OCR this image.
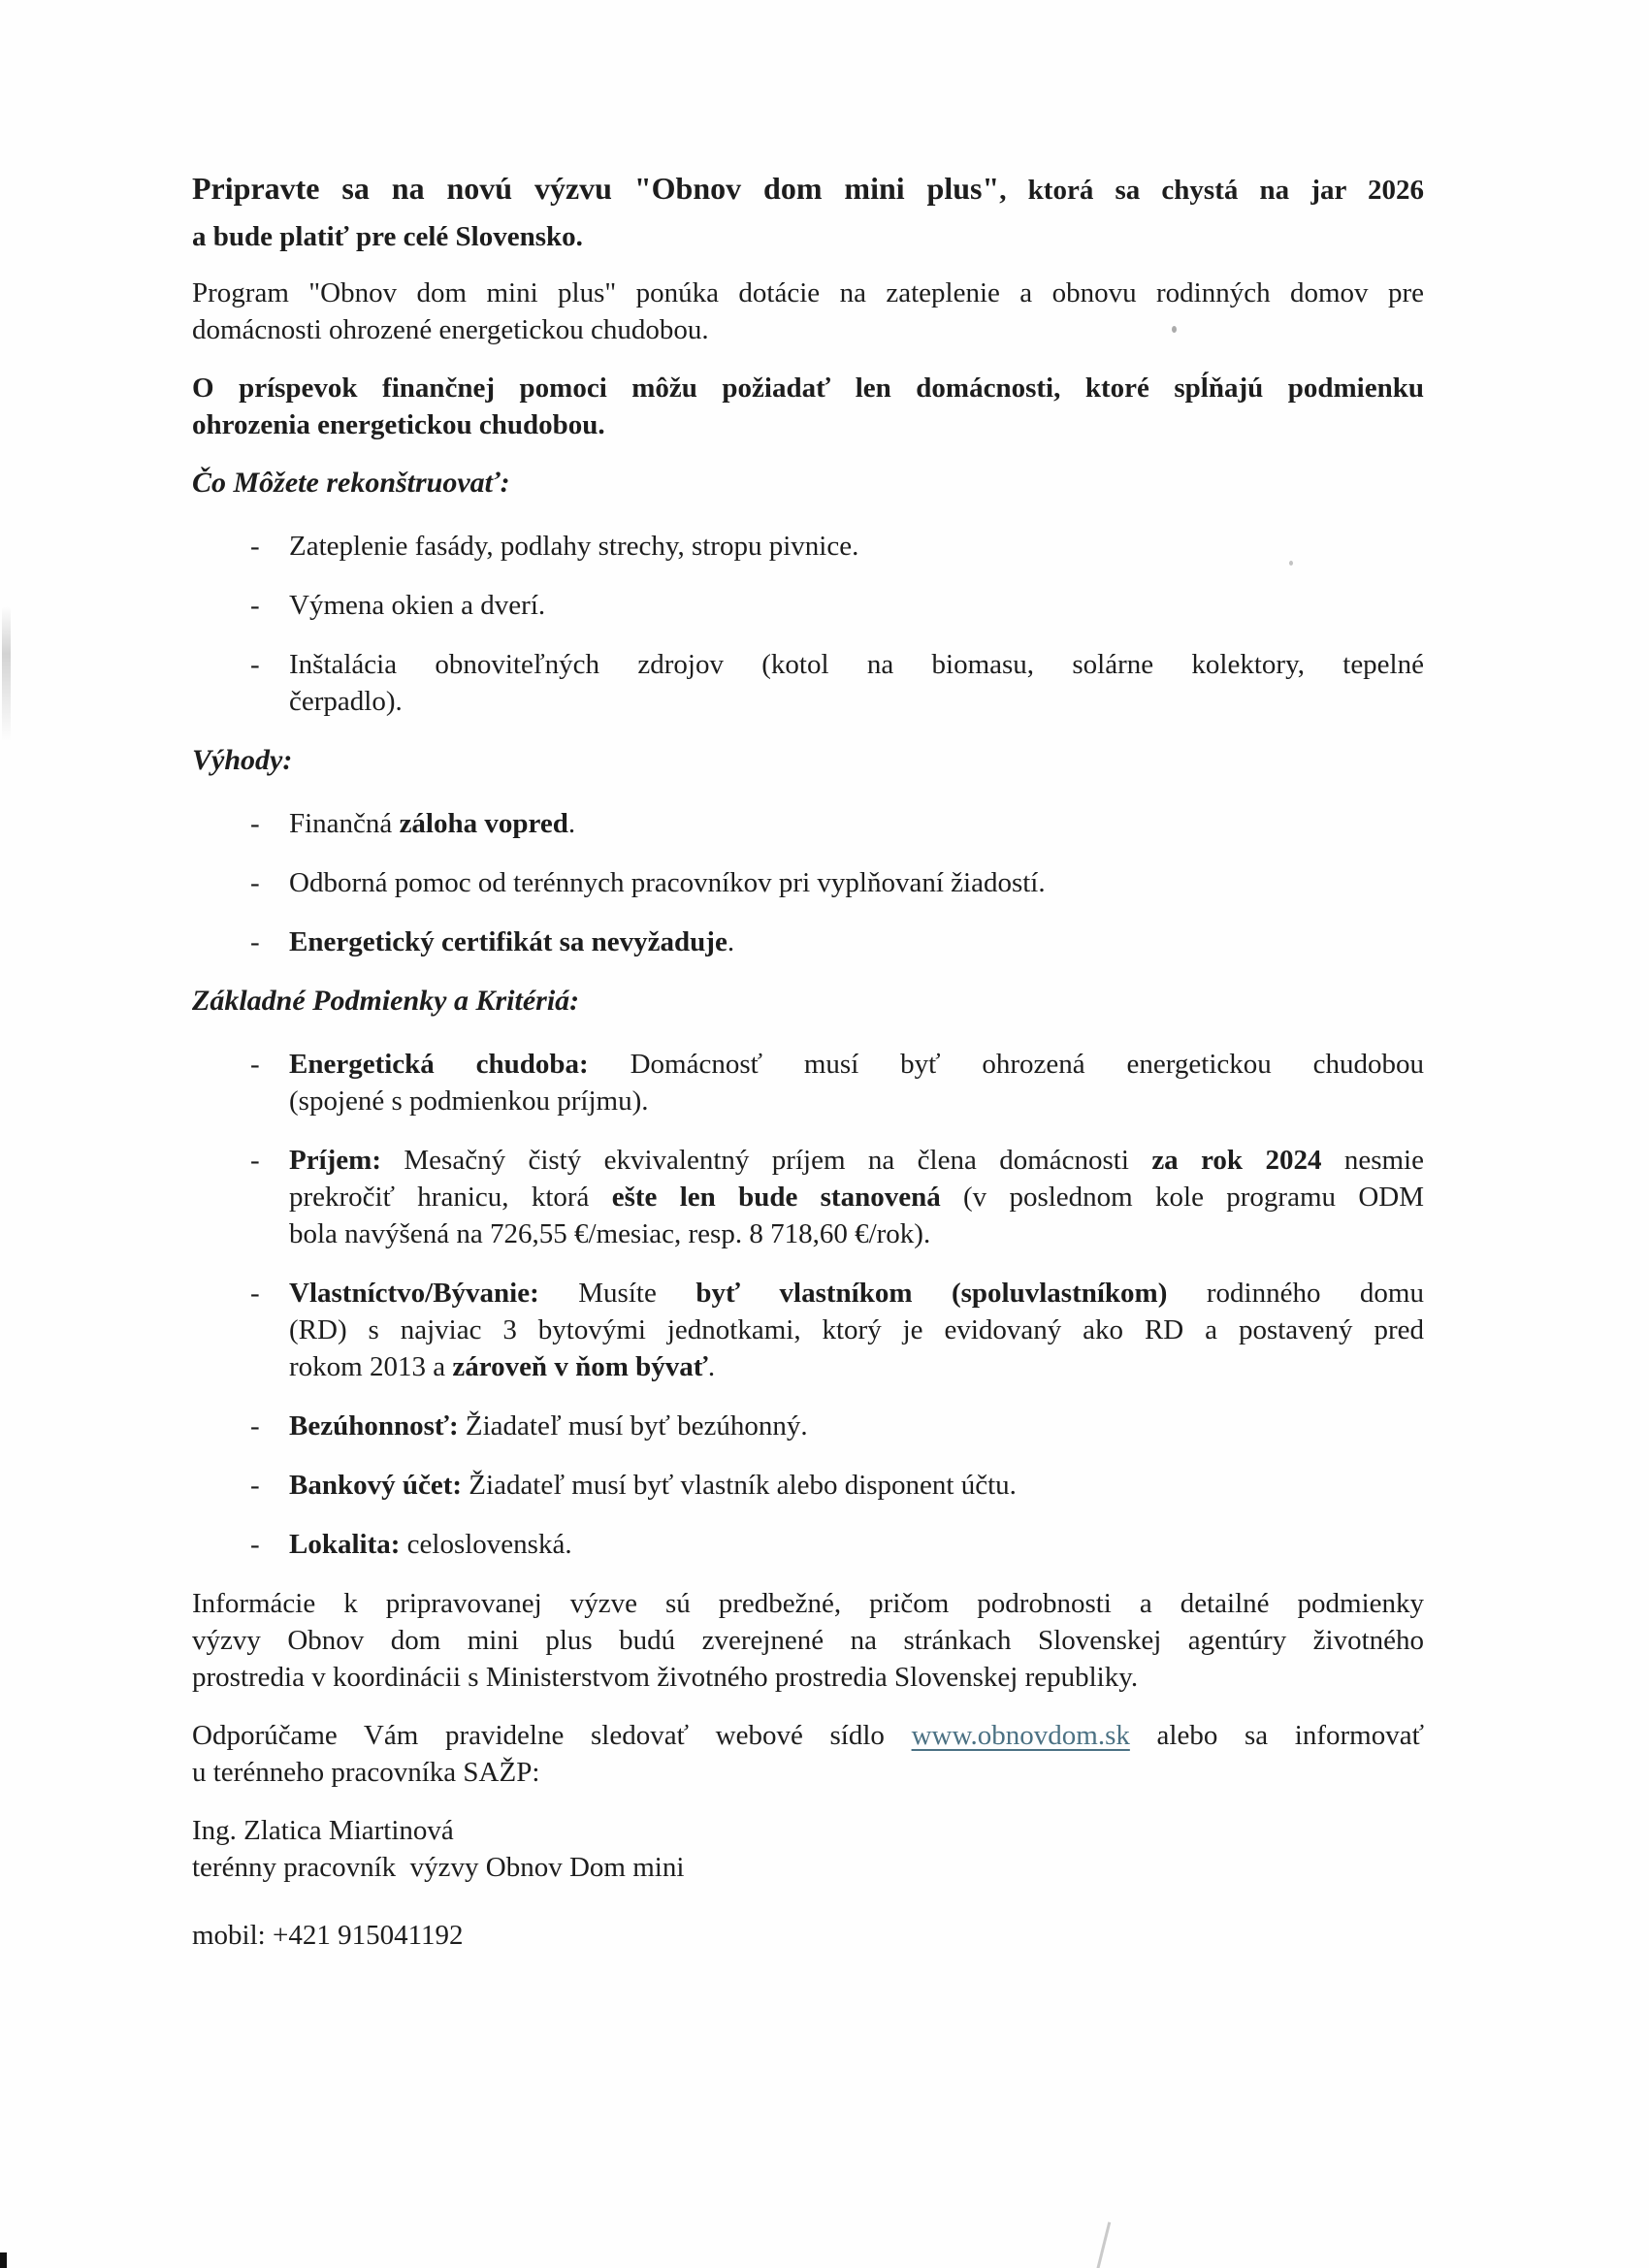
Pripravte sa na novú výzvu "Obnov dom mini plus", ktorá sa chystá na jar 2026
a bude platiť pre celé Slovensko.
Program "Obnov dom mini plus" ponúka dotácie na zateplenie a obnovu rodinných domov pre
domácnosti ohrozené energetickou chudobou.
O príspevok finančnej pomoci môžu požiadať len domácnosti, ktoré spĺňajú podmienku
ohrozenia energetickou chudobou.
Čo Môžete rekonštruovať:
- Zateplenie fasády, podlahy strechy, stropu pivnice.
- Výmena okien a dverí.
- Inštalácia obnoviteľných zdrojov (kotol na biomasu, solárne kolektory, tepelné
čerpadlo).
Výhody:
- Finančná záloha vopred.
- Odborná pomoc od terénnych pracovníkov pri vyplňovaní žiadostí.
- Energetický certifikát sa nevyžaduje.
Základné Podmienky a Kritériá:
- Energetická chudoba: Domácnosť musí byť ohrozená energetickou chudobou
(spojené s podmienkou príjmu).
- Príjem: Mesačný čistý ekvivalentný príjem na člena domácnosti za rok 2024 nesmie
prekročiť hranicu, ktorá ešte len bude stanovená (v poslednom kole programu ODM
bola navýšená na 726,55 €/mesiac, resp. 8 718,60 €/rok).
- Vlastníctvo/Bývanie: Musíte byť vlastníkom (spoluvlastníkom) rodinného domu
(RD) s najviac 3 bytovými jednotkami, ktorý je evidovaný ako RD a postavený pred
rokom 2013 a zároveň v ňom bývať.
- Bezúhonnosť: Žiadateľ musí byť bezúhonný.
- Bankový účet: Žiadateľ musí byť vlastník alebo disponent účtu.
- Lokalita: celoslovenská.
Informácie k pripravovanej výzve sú predbežné, pričom podrobnosti a detailné podmienky
výzvy Obnov dom mini plus budú zverejnené na stránkach Slovenskej agentúry životného
prostredia v koordinácii s Ministerstvom životného prostredia Slovenskej republiky.
Odporúčame Vám pravidelne sledovať webové sídlo www.obnovdom.sk alebo sa informovať
u terénneho pracovníka SAŽP:
Ing. Zlatica Miartinová
terénny pracovník  výzvy Obnov Dom mini
mobil: +421 915041192
